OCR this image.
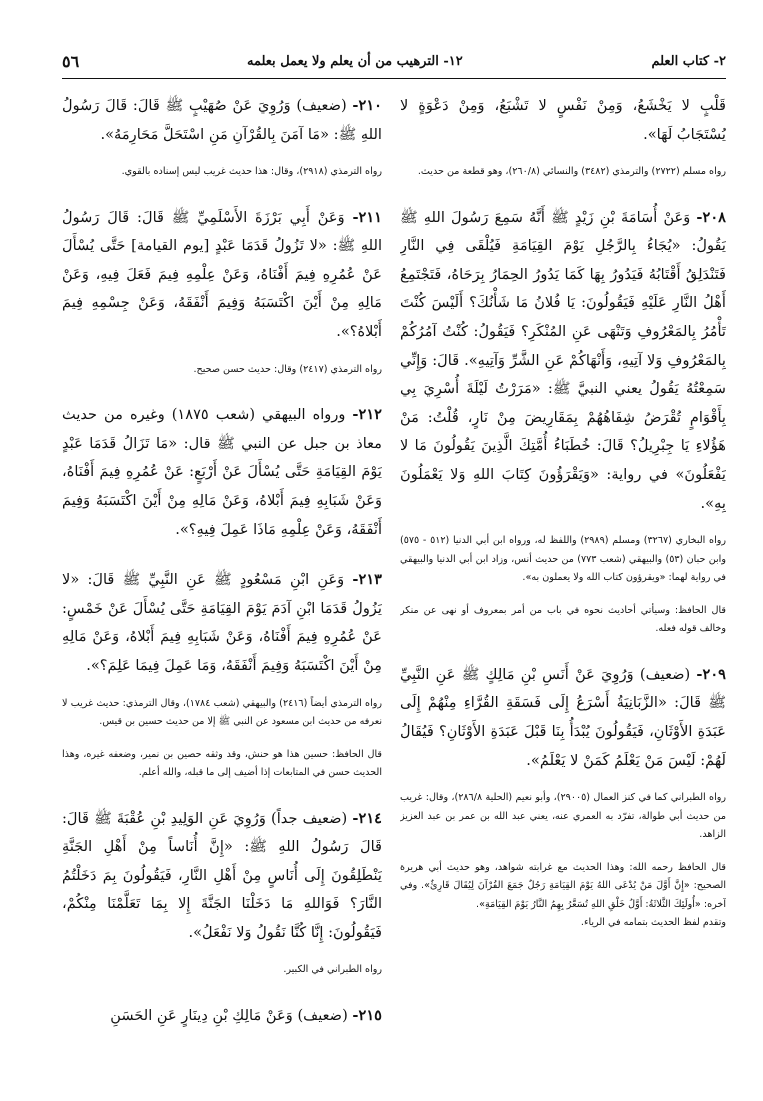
٢- كتاب العلم
١٢- الترهيب من أن يعلم ولا يعمل بعلمه
٥٦

قَلْبٍ لا يَخْشَعُ، وَمِنْ نَفْسٍ لا تَشْبَعُ، وَمِنْ دَعْوَةٍ لا يُسْتَجَابُ لَهَا».

رواه مسلم (٢٧٢٢) والترمذي (٣٤٨٢) والنسائي (٢٦٠/٨)، وهو قطعة من حديث.

٢٠٨- وَعَنْ أُسَامَةَ بْنِ زَيْدٍ ﷺ أَنَّهُ سَمِعَ رَسُولَ اللهِ ﷺ يَقُولُ: «يُجَاءُ بِالرَّجُلِ يَوْمَ القِيَامَةِ فَيُلْقَى فِي النَّارِ فَتَنْدَلِقُ أَقْتَابُهُ فَيَدُورُ بِهَا كَمَا يَدُورُ الحِمَارُ بِرَحَاهُ، فَتَجْتَمِعُ أَهْلُ النَّارِ عَلَيْهِ فَيَقُولُونَ: يَا فُلانُ مَا شَأْنُكَ؟ أَلَيْسَ كُنْتَ تَأْمُرُ بِالمَعْرُوفِ وَتَنْهَى عَنِ المُنْكَرِ؟ فَيَقُولُ: كُنْتُ آمُرُكُمْ بِالمَعْرُوفِ وَلا آتِيهِ، وَأَنْهَاكُمْ عَنِ الشَّرِّ وَآتِيهِ». قَالَ: وَإِنِّي سَمِعْتُهُ يَقُولُ يعني النبيَّ ﷺ: «مَرَرْتُ لَيْلَةَ أُسْرِيَ بِي بِأَقْوَامٍ تُقْرَضُ شِفَاهُهُمْ بِمَقَارِيضَ مِنْ نَارٍ، قُلْتُ: مَنْ هَؤُلاءِ يَا جِبْرِيلُ؟ قَالَ: خُطَبَاءُ أُمَّتِكَ الَّذِينَ يَقُولُونَ مَا لا يَفْعَلُونَ» في رواية: «وَيَقْرَؤُونَ كِتَابَ اللهِ وَلا يَعْمَلُونَ بِهِ».

رواه البخاري (٣٢٦٧) ومسلم (٢٩٨٩) واللفظ له، ورواه ابن أبي الدنيا (٥١٢ - ٥٧٥) وابن حبان (٥٣) والبيهقي (شعب ٧٧٣) من حديث أنس، وزاد ابن أبي الدنيا والبيهقي في رواية لهما: «ويقرؤون كتاب الله ولا يعملون به».

قال الحافظ: وسيأتي أحاديث نحوه في باب من أمر بمعروف أو نهى عن منكر وخالف قوله فعله.

٢٠٩- (ضعيف) وَرُوِيَ عَنْ أَنَسِ بْنِ مَالِكٍ ﷺ عَنِ النَّبِيِّ ﷺ قَالَ: «الزَّبَانِيَةُ أَسْرَعُ إِلَى فَسَقَةِ القُرَّاءِ مِنْهُمْ إِلَى عَبَدَةِ الأَوْثَانِ، فَيَقُولُونَ يُبْدَأُ بِنَا قَبْلَ عَبَدَةِ الأَوْثَانِ؟ فَيُقَالُ لَهُمْ: لَيْسَ مَنْ يَعْلَمُ كَمَنْ لا يَعْلَمُ».

رواه الطبراني كما في كنز العمال (٢٩٠٠٥)، وأبو نعيم (الحلية ٢٨٦/٨)، وقال: غريب من حديث أبي طوالة، تفرّد به العمري عنه، يعني عبد الله بن عمر بن عبد العزيز الزاهد.

قال الحافظ رحمه الله: وهذا الحديث مع غرابته شواهد، وهو حديث أبي هريرة الصحيح: «إِنَّ أَوَّلَ مَنْ يُدْعَى اللهُ يَوْمَ القِيَامَةِ رَجُلٌ جَمَعَ القُرْآنَ لِيُقَالَ قَارِئٌ». وفي آخره: «أُولَئِكَ الثَّلاثَةُ: أَوَّلُ خَلْقِ اللهِ تُسَعَّرُ بِهِمُ النَّارُ يَوْمَ القِيَامَةِ».

وتقدم لفظ الحديث بتمامه في الرياء.

٢١٠- (ضعيف) وَرُوِيَ عَنْ صُهَيْبٍ ﷺ قَالَ: قَالَ رَسُولُ اللهِ ﷺ: «مَا آمَنَ بِالقُرْآنِ مَنِ اسْتَحَلَّ مَحَارِمَهُ».

رواه الترمذي (٢٩١٨)، وقال: هذا حديث غريب ليس إسناده بالقوي.

٢١١- وَعَنْ أَبِي بَرْزَةَ الأَسْلَمِيِّ ﷺ قَالَ: قَالَ رَسُولُ اللهِ ﷺ: «لا تَزُولُ قَدَمَا عَبْدٍ [يوم القيامة] حَتَّى يُسْأَلَ عَنْ عُمُرِهِ فِيمَ أَفْنَاهُ، وَعَنْ عِلْمِهِ فِيمَ فَعَلَ فِيهِ، وَعَنْ مَالِهِ مِنْ أَيْنَ اكْتَسَبَهُ وَفِيمَ أَنْفَقَهُ، وَعَنْ جِسْمِهِ فِيمَ أَبْلاهُ؟».

رواه الترمذي (٢٤١٧) وقال: حديث حسن صحيح.

٢١٢- ورواه البيهقي (شعب ١٨٧٥) وغيره من حديث معاذ بن جبل عن النبي ﷺ قال: «مَا تَزَالُ قَدَمَا عَبْدٍ يَوْمَ القِيَامَةِ حَتَّى يُسْأَلَ عَنْ أَرْبَعٍ: عَنْ عُمُرِهِ فِيمَ أَفْنَاهُ، وَعَنْ شَبَابِهِ فِيمَ أَبْلاهُ، وَعَنْ مَالِهِ مِنْ أَيْنَ اكْتَسَبَهُ وَفِيمَ أَنْفَقَهُ، وَعَنْ عِلْمِهِ مَاذَا عَمِلَ فِيهِ؟».

٢١٣- وَعَنِ ابْنِ مَسْعُودٍ ﷺ عَنِ النَّبِيِّ ﷺ قَالَ: «لا يَزُولُ قَدَمَا ابْنِ آدَمَ يَوْمَ القِيَامَةِ حَتَّى يُسْأَلَ عَنْ خَمْسٍ: عَنْ عُمُرِهِ فِيمَ أَفْنَاهُ، وَعَنْ شَبَابِهِ فِيمَ أَبْلاهُ، وَعَنْ مَالِهِ مِنْ أَيْنَ اكْتَسَبَهُ وَفِيمَ أَنْفَقَهُ، وَمَا عَمِلَ فِيمَا عَلِمَ؟».

رواه الترمذي أيضاً (٢٤١٦) والبيهقي (شعب ١٧٨٤)، وقال الترمذي: حديث غريب لا نعرفه من حديث ابن مسعود عن النبي ﷺ إلا من حديث حسين بن قيس.

قال الحافظ: حسين هذا هو حنش، وقد وثقه حصين بن نمير، وضعفه غيره، وهذا الحديث حسن في المتابعات إذا أضيف إلى ما قبله، والله أعلم.

٢١٤- (ضعيف جداً) وَرُوِيَ عَنِ الوَلِيدِ بْنِ عُقْبَةَ ﷺ قَالَ: قَالَ رَسُولُ اللهِ ﷺ: «إِنَّ أُنَاساً مِنْ أَهْلِ الجَنَّةِ يَنْطَلِقُونَ إِلَى أُنَاسٍ مِنْ أَهْلِ النَّارِ، فَيَقُولُونَ بِمَ دَخَلْتُمُ النَّارَ؟ فَوَاللهِ مَا دَخَلْنَا الجَنَّةَ إِلا بِمَا تَعَلَّمْنَا مِنْكُمْ، فَيَقُولُونَ: إِنَّا كُنَّا نَقُولُ وَلا نَفْعَلُ».

رواه الطبراني في الكبير.

٢١٥- (ضعيف) وَعَنْ مَالِكِ بْنِ دِينَارٍ عَنِ الحَسَنِ
